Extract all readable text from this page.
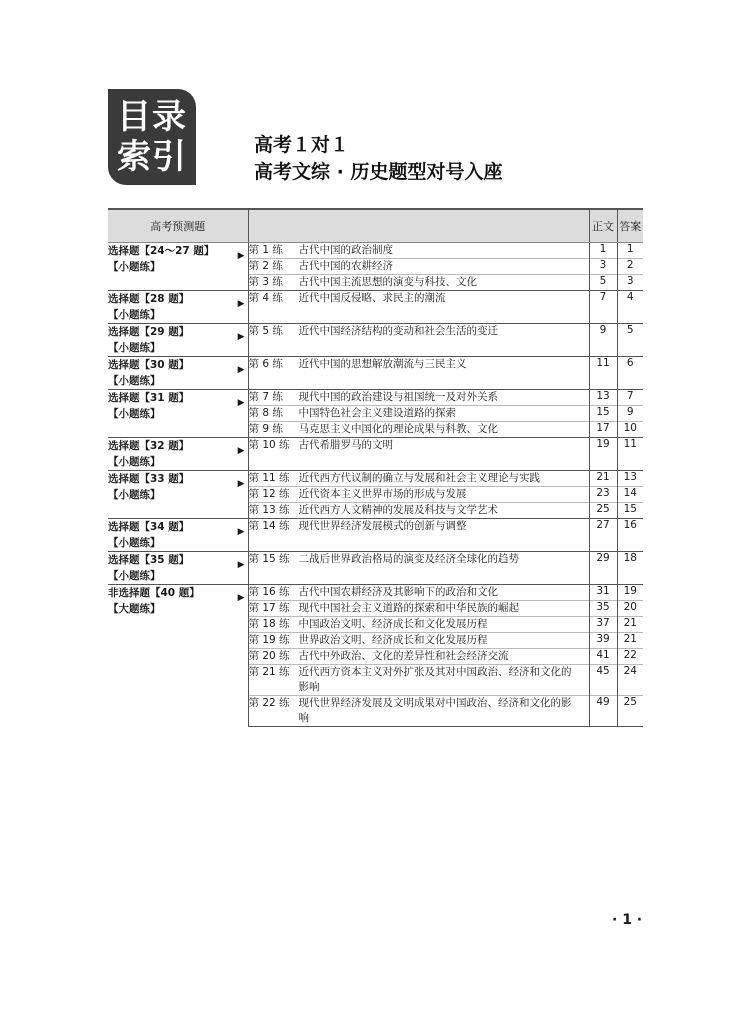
目录
索引	高考１对１
高考文综 · 历史题型对号入座
高考预测题		正文	答案

选择题【24～27 题】
【小题练】
▶	第 1 练 古代中国的政治制度	1	1
	第 2 练 古代中国的农耕经济	3	2
	第 3 练 古代中国主流思想的演变与科技、文化	5	3

选择题【28 题】
【小题练】
▶	第 4 练 近代中国反侵略、求民主的潮流	7	4

选择题【29 题】
【小题练】
▶	第 5 练 近代中国经济结构的变动和社会生活的变迁	9	5

选择题【30 题】
【小题练】
▶	第 6 练 近代中国的思想解放潮流与三民主义	11	6

选择题【31 题】
【小题练】
▶	第 7 练 现代中国的政治建设与祖国统一及对外关系	13	7
	第 8 练 中国特色社会主义建设道路的探索	15	9
	第 9 练 马克思主义中国化的理论成果与科教、文化	17	10

选择题【32 题】
【小题练】
▶	第 10 练 古代希腊罗马的文明	19	11

选择题【33 题】
【小题练】
▶	第 11 练 近代西方代议制的确立与发展和社会主义理论与实践	21	13
	第 12 练 近代资本主义世界市场的形成与发展	23	14
	第 13 练 近代西方人文精神的发展及科技与文学艺术	25	15

选择题【34 题】
【小题练】
▶	第 14 练 现代世界经济发展模式的创新与调整	27	16

选择题【35 题】
【小题练】
▶	第 15 练 二战后世界政治格局的演变及经济全球化的趋势	29	18

非选择题【40 题】
【大题练】
▶	第 16 练 古代中国农耕经济及其影响下的政治和文化	31	19
	第 17 练 现代中国社会主义道路的探索和中华民族的崛起	35	20
	第 18 练 中国政治文明、经济成长和文化发展历程	37	21
	第 19 练 世界政治文明、经济成长和文化发展历程	39	21
	第 20 练 古代中外政治、文化的差异性和社会经济交流	41	22
	第 21 练 近代西方资本主义对外扩张及其对中国政治、经济和文化的影响	45	24
	第 22 练 现代世界经济发展及文明成果对中国政治、经济和文化的影响	49	25
· 1 ·
